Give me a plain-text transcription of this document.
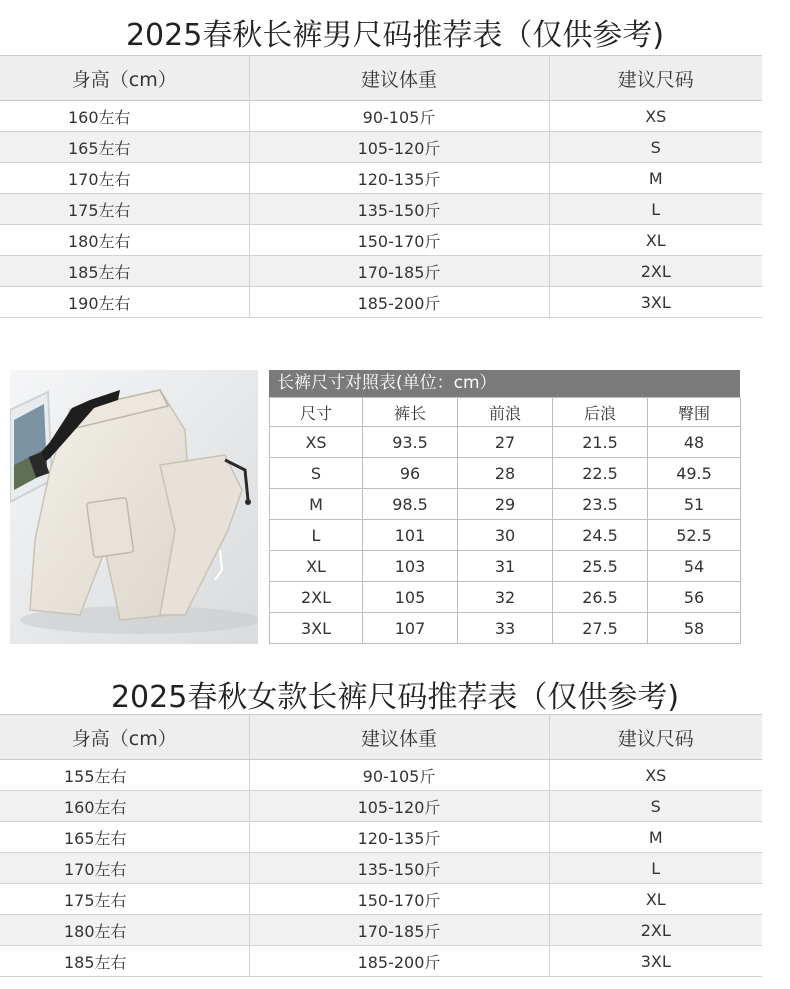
2025春秋长裤男尺码推荐表（仅供参考)
身高（cm）	建议体重	建议尺码
160左右	90-105斤	XS
165左右	105-120斤	S
170左右	120-135斤	M
175左右	135-150斤	L
180左右	150-170斤	XL
185左右	170-185斤	2XL
190左右	185-200斤	3XL
长裤尺寸对照表(单位：cm）
尺寸	裤长	前浪	后浪	臀围
XS	93.5	27	21.5	48
S	96	28	22.5	49.5
M	98.5	29	23.5	51
L	101	30	24.5	52.5
XL	103	31	25.5	54
2XL	105	32	26.5	56
3XL	107	33	27.5	58
2025春秋女款长裤尺码推荐表（仅供参考)
身高（cm）	建议体重	建议尺码
155左右	90-105斤	XS
160左右	105-120斤	S
165左右	120-135斤	M
170左右	135-150斤	L
175左右	150-170斤	XL
180左右	170-185斤	2XL
185左右	185-200斤	3XL
